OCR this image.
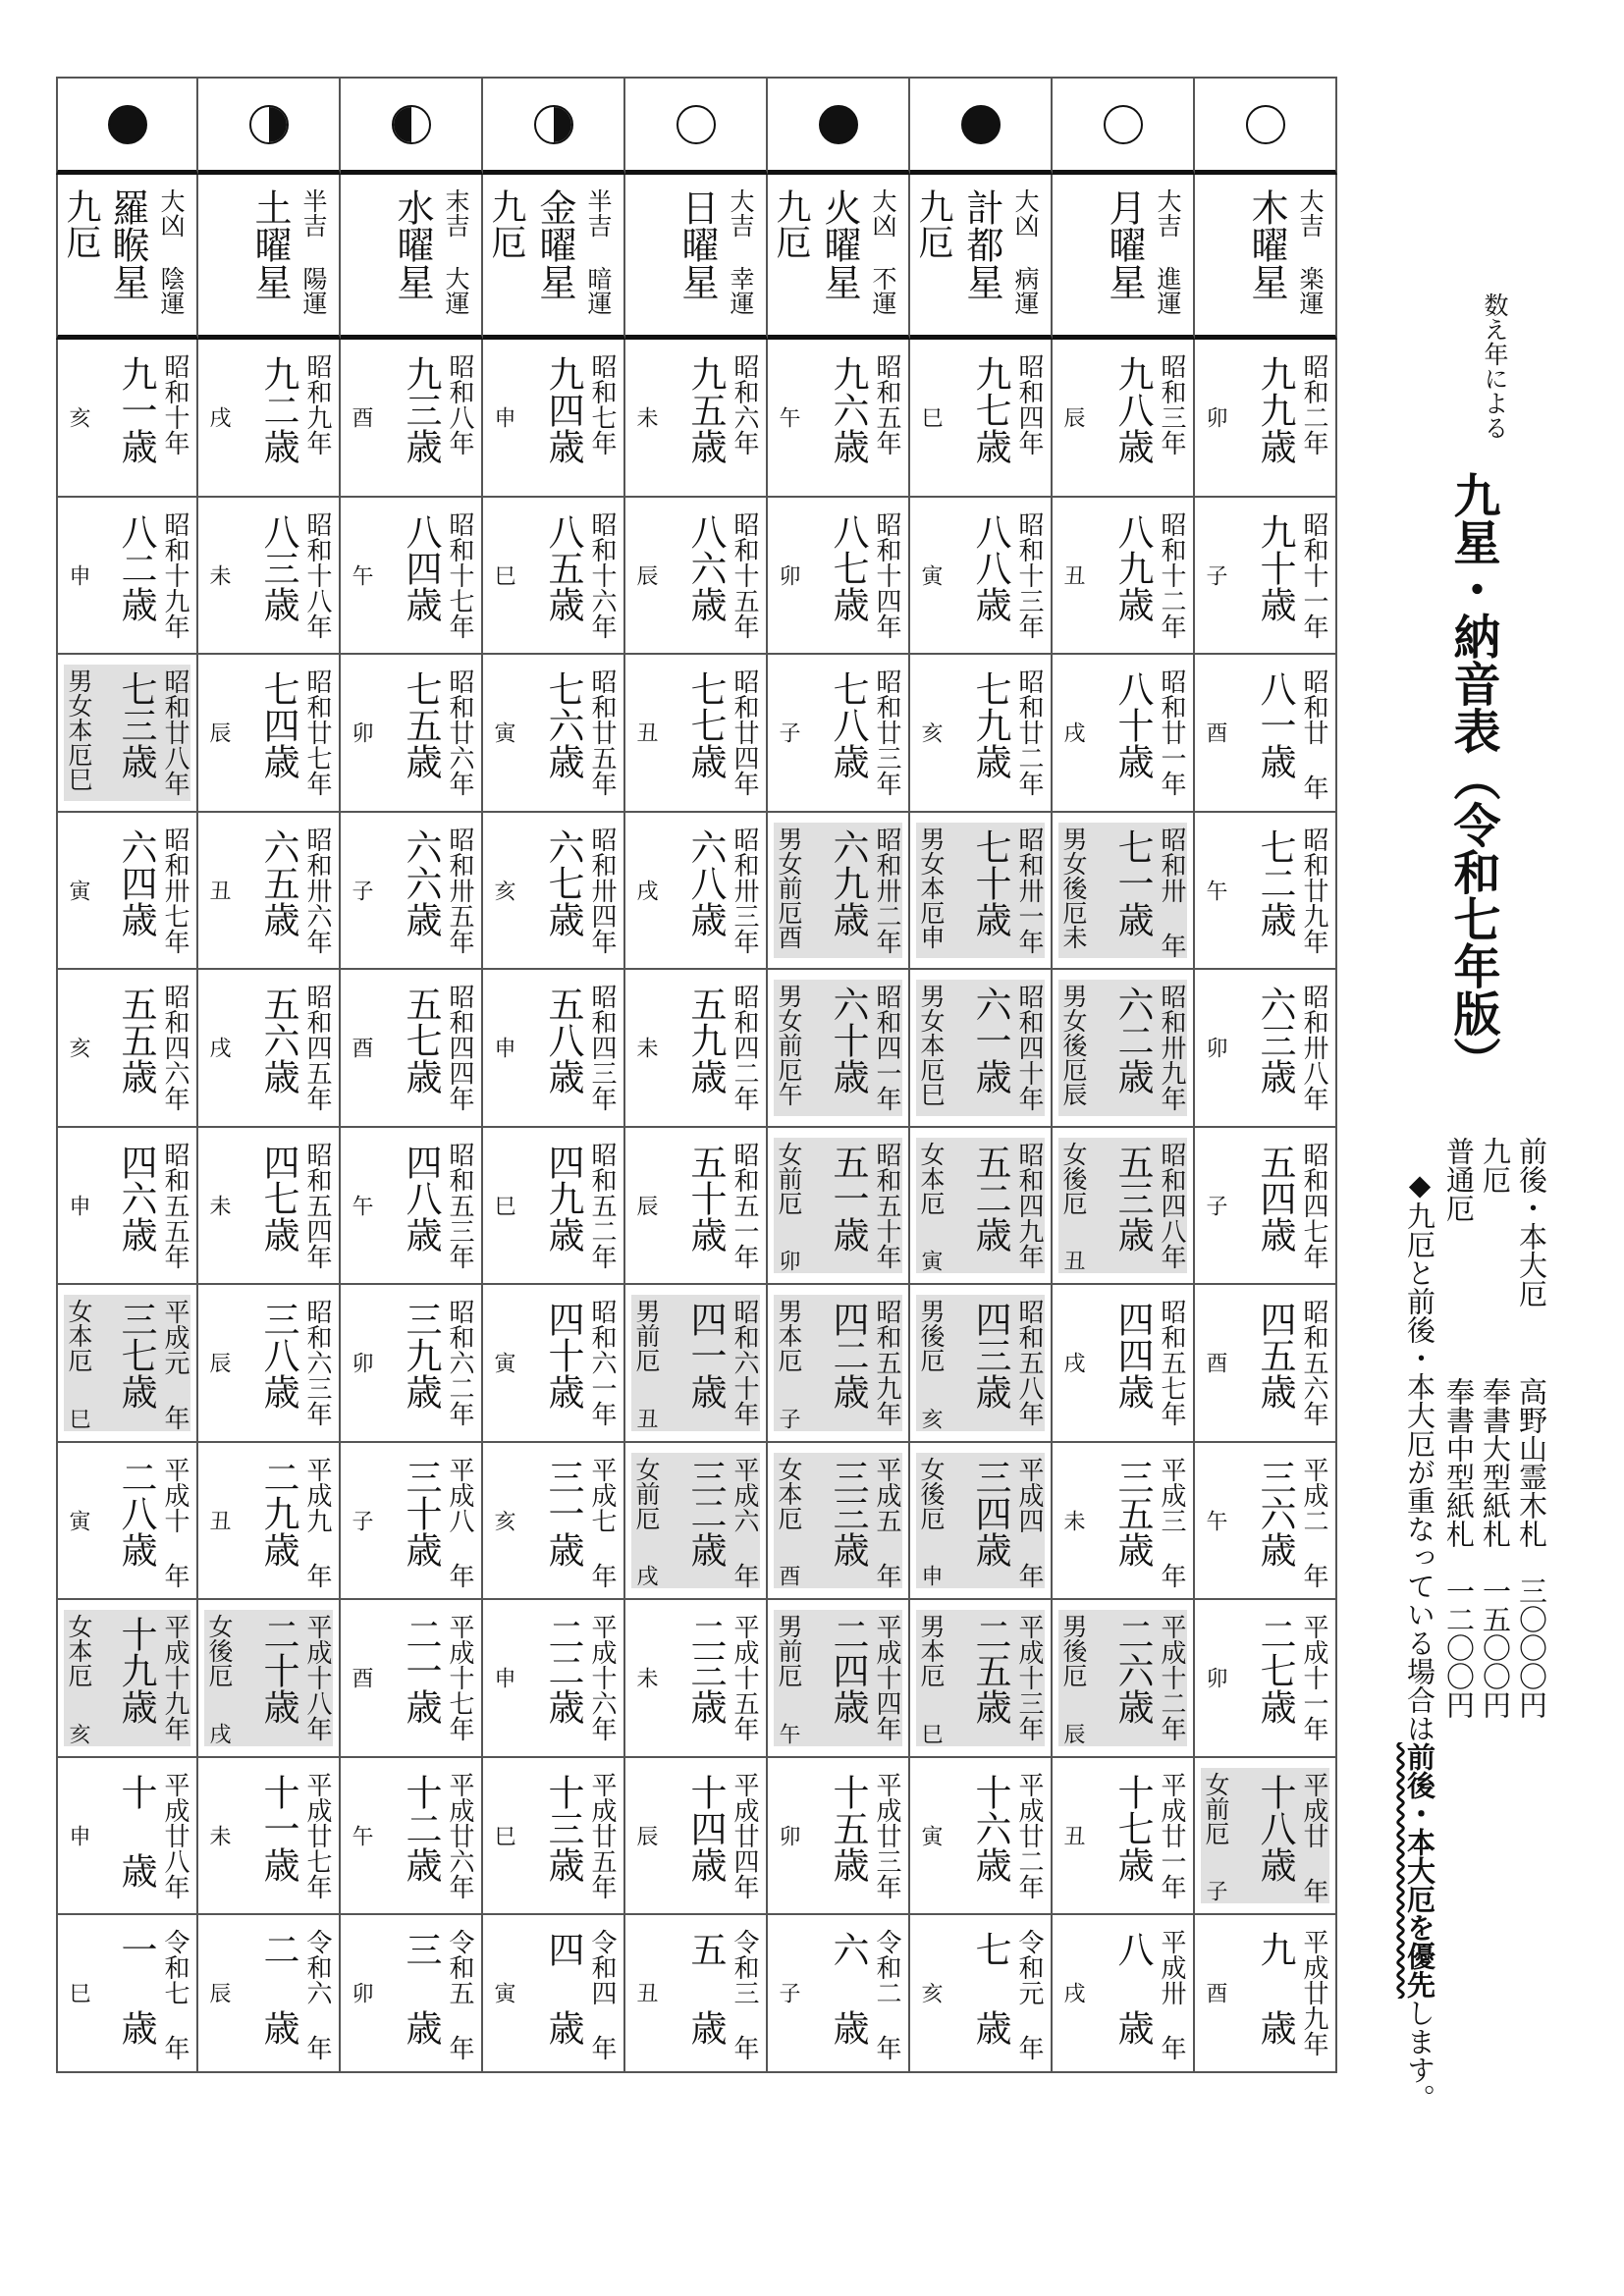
大凶 陰運
羅睺星
九厄
昭和十年
九一歳
亥
昭和十九年
八二歳
申
昭和廿八年
七三歳
男女本厄巳
昭和卅七年
六四歳
寅
昭和四六年
五五歳
亥
昭和五五年
四六歳
申
平成元 年
三七歳
女本厄
巳
平成十 年
二八歳
寅
平成十九年
十九歳
女本厄
亥
平成廿八年
十 歳
申
令和七 年
一 歳
巳
半吉 陽運
土曜星
昭和九年
九二歳
戌
昭和十八年
八三歳
未
昭和廿七年
七四歳
辰
昭和卅六年
六五歳
丑
昭和四五年
五六歳
戌
昭和五四年
四七歳
未
昭和六三年
三八歳
辰
平成九 年
二九歳
丑
平成十八年
二十歳
女後厄
戌
平成廿七年
十一歳
未
令和六 年
二 歳
辰
末吉 大運
水曜星
昭和八年
九三歳
酉
昭和十七年
八四歳
午
昭和廿六年
七五歳
卯
昭和卅五年
六六歳
子
昭和四四年
五七歳
酉
昭和五三年
四八歳
午
昭和六二年
三九歳
卯
平成八 年
三十歳
子
平成十七年
二一歳
酉
平成廿六年
十二歳
午
令和五 年
三 歳
卯
半吉 暗運
金曜星
九厄
昭和七年
九四歳
申
昭和十六年
八五歳
巳
昭和廿五年
七六歳
寅
昭和卅四年
六七歳
亥
昭和四三年
五八歳
申
昭和五二年
四九歳
巳
昭和六一年
四十歳
寅
平成七 年
三一歳
亥
平成十六年
二二歳
申
平成廿五年
十三歳
巳
令和四 年
四 歳
寅
大吉 幸運
日曜星
昭和六年
九五歳
未
昭和十五年
八六歳
辰
昭和廿四年
七七歳
丑
昭和卅三年
六八歳
戌
昭和四二年
五九歳
未
昭和五一年
五十歳
辰
昭和六十年
四一歳
男前厄
丑
平成六 年
三二歳
女前厄
戌
平成十五年
二三歳
未
平成廿四年
十四歳
辰
令和三 年
五 歳
丑
大凶 不運
火曜星
九厄
昭和五年
九六歳
午
昭和十四年
八七歳
卯
昭和廿三年
七八歳
子
昭和卅二年
六九歳
男女前厄酉
昭和四一年
六十歳
男女前厄午
昭和五十年
五一歳
女前厄
卯
昭和五九年
四二歳
男本厄
子
平成五 年
三三歳
女本厄
酉
平成十四年
二四歳
男前厄
午
平成廿三年
十五歳
卯
令和二 年
六 歳
子
大凶 病運
計都星
九厄
昭和四年
九七歳
巳
昭和十三年
八八歳
寅
昭和廿二年
七九歳
亥
昭和卅一年
七十歳
男女本厄申
昭和四十年
六一歳
男女本厄巳
昭和四九年
五二歳
女本厄
寅
昭和五八年
四三歳
男後厄
亥
平成四 年
三四歳
女後厄
申
平成十三年
二五歳
男本厄
巳
平成廿二年
十六歳
寅
令和元 年
七 歳
亥
大吉 進運
月曜星
昭和三年
九八歳
辰
昭和十二年
八九歳
丑
昭和廿一年
八十歳
戌
昭和卅 年
七一歳
男女後厄未
昭和卅九年
六二歳
男女後厄辰
昭和四八年
五三歳
女後厄
丑
昭和五七年
四四歳
戌
平成三 年
三五歳
未
平成十二年
二六歳
男後厄
辰
平成廿一年
十七歳
丑
平成卅 年
八 歳
戌
大吉 楽運
木曜星
昭和二年
九九歳
卯
昭和十一年
九十歳
子
昭和廿 年
八一歳
酉
昭和廿九年
七二歳
午
昭和卅八年
六三歳
卯
昭和四七年
五四歳
子
昭和五六年
四五歳
酉
平成二 年
三六歳
午
平成十一年
二七歳
卯
平成廿 年
十八歳
女前厄
子
平成廿九年
九 歳
酉
数え年による
九星・納音表（令和七年版）
前後・本大厄
九厄
普通厄
高野山霊木札　三〇〇〇円
奉書大型紙札　一五〇〇円
奉書中型紙札　一二〇〇円
◆九厄と前後・本大厄が重なっている場合は前後・本大厄を優先します。
